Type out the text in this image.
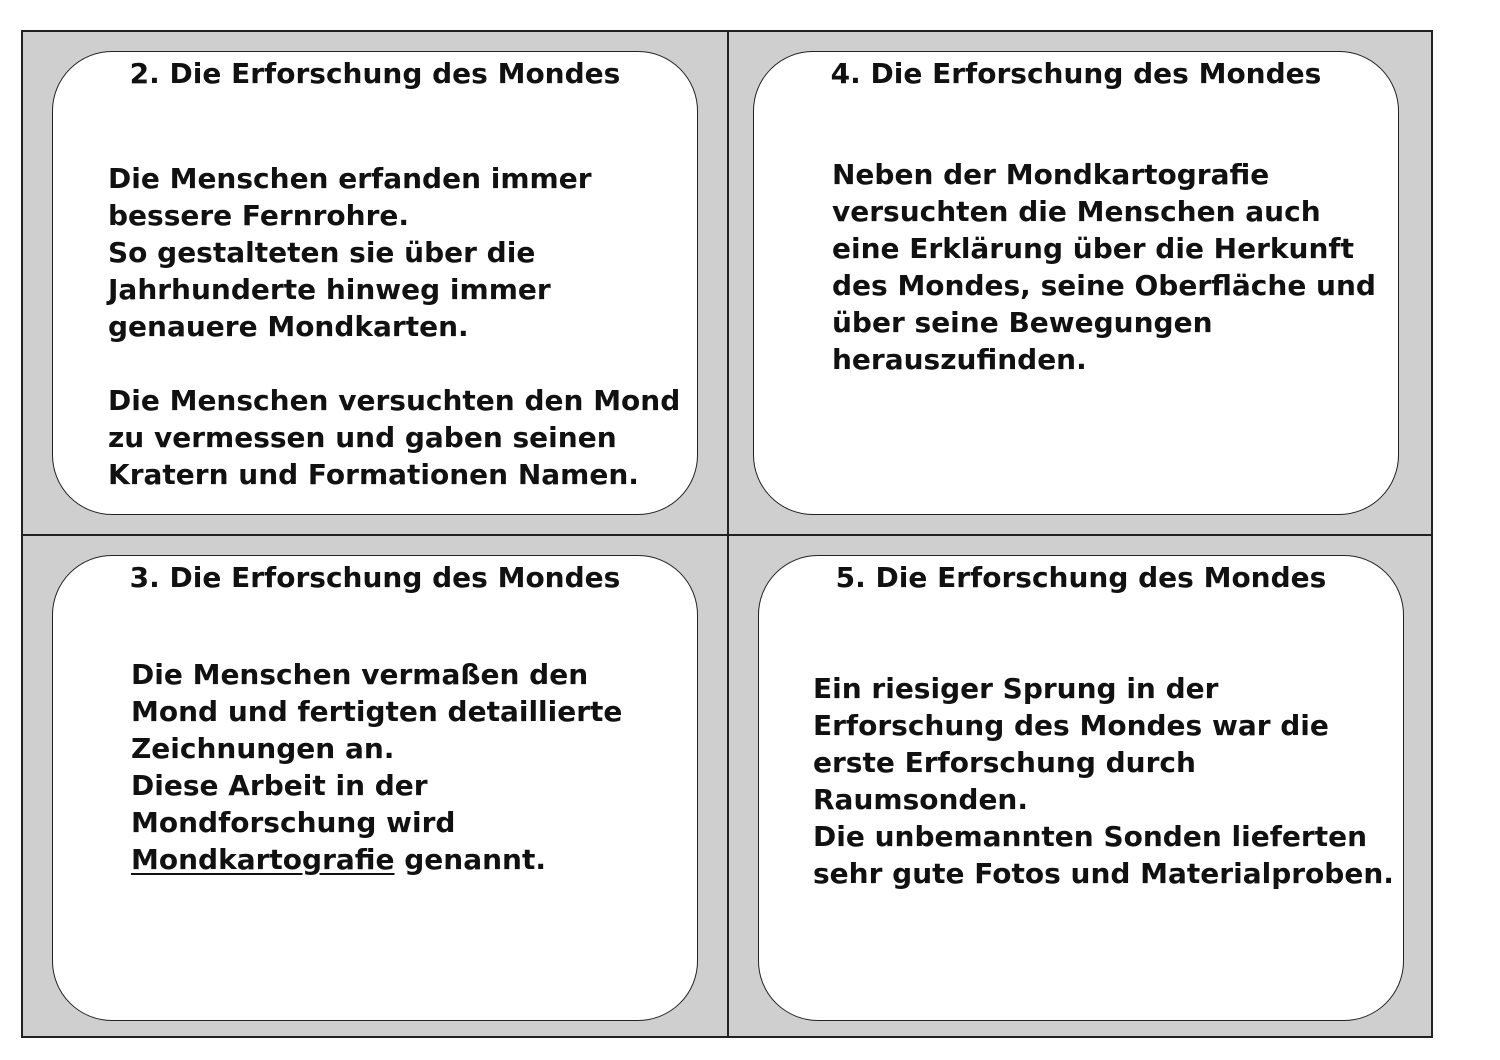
2. Die Erforschung des Mondes

Die Menschen erfanden immer

bessere Fernrohre.

So gestalteten sie über die

Jahrhunderte hinweg immer

genauere Mondkarten.

Die Menschen versuchten den Mond

zu vermessen und gaben seinen

Kratern und Formationen Namen.

4. Die Erforschung des Mondes

Neben der Mondkartografie

versuchten die Menschen auch

eine Erklärung über die Herkunft

des Mondes, seine Oberfläche und

über seine Bewegungen

herauszufinden.

3. Die Erforschung des Mondes

Die Menschen vermaßen den

Mond und fertigten detaillierte

Zeichnungen an.

Diese Arbeit in der

Mondforschung wird

Mondkartografie genannt.

5. Die Erforschung des Mondes

Ein riesiger Sprung in der

Erforschung des Mondes war die

erste Erforschung durch

Raumsonden.

Die unbemannten Sonden lieferten

sehr gute Fotos und Materialproben.
